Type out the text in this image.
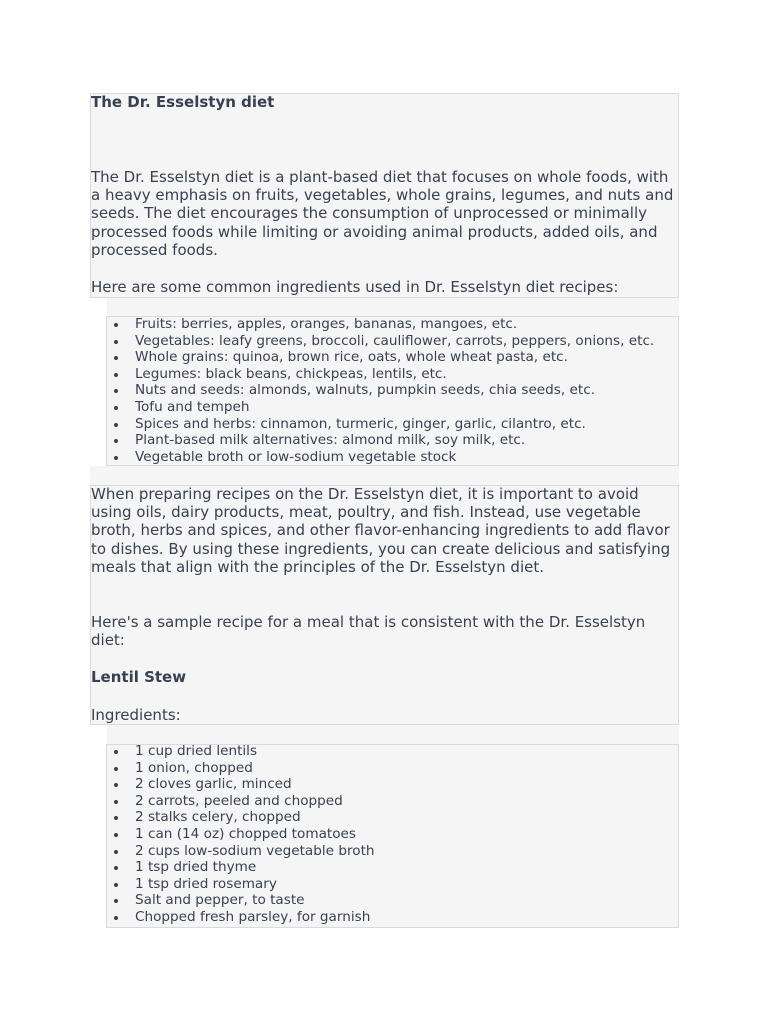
The Dr. Esselstyn diet

The Dr. Esselstyn diet is a plant-based diet that focuses on whole foods, with a heavy emphasis on fruits, vegetables, whole grains, legumes, and nuts and seeds. The diet encourages the consumption of unprocessed or minimally processed foods while limiting or avoiding animal products, added oils, and processed foods.

Here are some common ingredients used in Dr. Esselstyn diet recipes:

Fruits: berries, apples, oranges, bananas, mangoes, etc.
Vegetables: leafy greens, broccoli, cauliflower, carrots, peppers, onions, etc.
Whole grains: quinoa, brown rice, oats, whole wheat pasta, etc.
Legumes: black beans, chickpeas, lentils, etc.
Nuts and seeds: almonds, walnuts, pumpkin seeds, chia seeds, etc.
Tofu and tempeh
Spices and herbs: cinnamon, turmeric, ginger, garlic, cilantro, etc.
Plant-based milk alternatives: almond milk, soy milk, etc.
Vegetable broth or low-sodium vegetable stock

When preparing recipes on the Dr. Esselstyn diet, it is important to avoid using oils, dairy products, meat, poultry, and fish. Instead, use vegetable broth, herbs and spices, and other flavor-enhancing ingredients to add flavor to dishes. By using these ingredients, you can create delicious and satisfying meals that align with the principles of the Dr. Esselstyn diet.

Here's a sample recipe for a meal that is consistent with the Dr. Esselstyn diet:

Lentil Stew

Ingredients:

1 cup dried lentils
1 onion, chopped
2 cloves garlic, minced
2 carrots, peeled and chopped
2 stalks celery, chopped
1 can (14 oz) chopped tomatoes
2 cups low-sodium vegetable broth
1 tsp dried thyme
1 tsp dried rosemary
Salt and pepper, to taste
Chopped fresh parsley, for garnish
